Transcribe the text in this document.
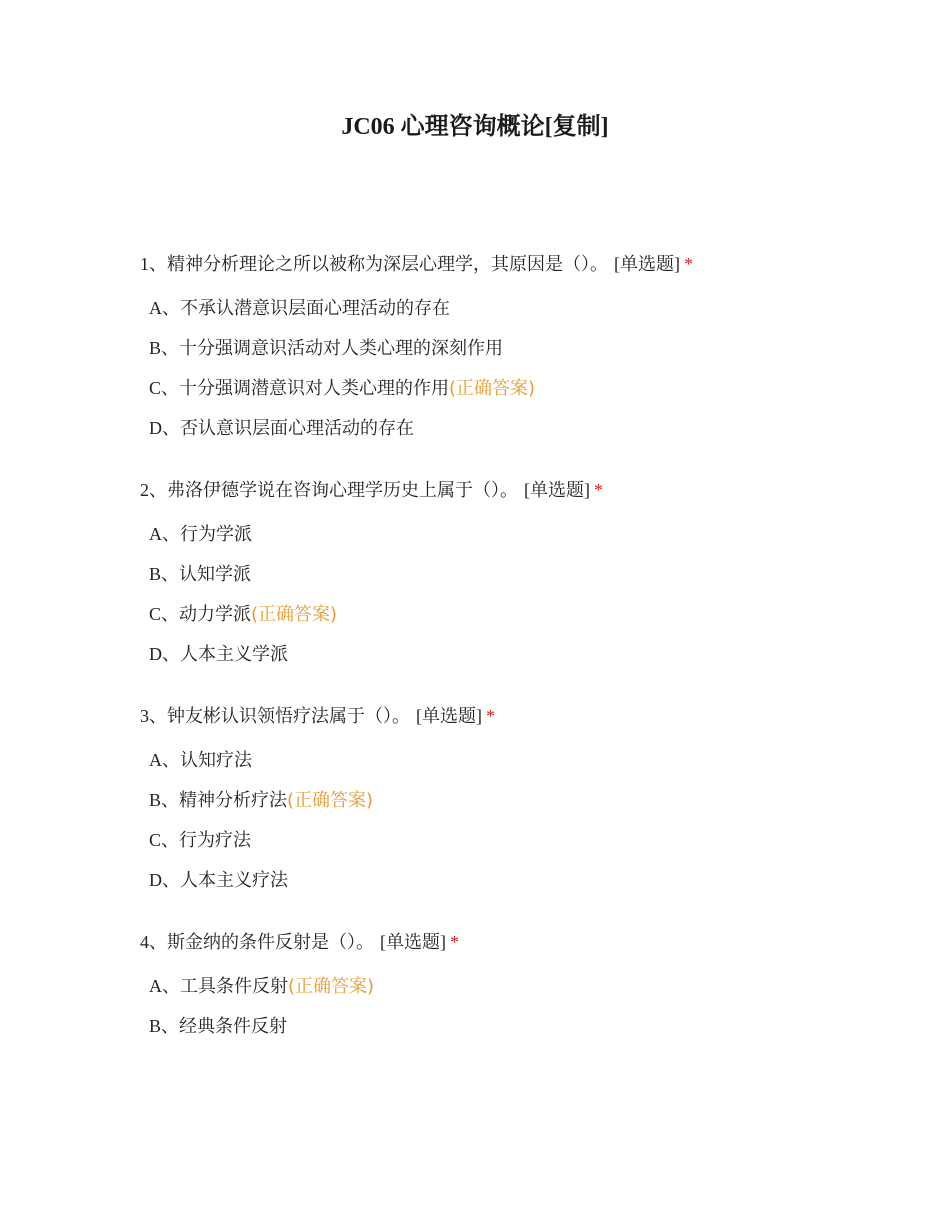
JC06 心理咨询概论[复制]
1、精神分析理论之所以被称为深层心理学，其原因是（）。 [单选题] *
A、不承认潜意识层面心理活动的存在
B、十分强调意识活动对人类心理的深刻作用
C、十分强调潜意识对人类心理的作用(正确答案)
D、否认意识层面心理活动的存在
2、弗洛伊德学说在咨询心理学历史上属于（）。 [单选题] *
A、行为学派
B、认知学派
C、动力学派(正确答案)
D、人本主义学派
3、钟友彬认识领悟疗法属于（）。 [单选题] *
A、认知疗法
B、精神分析疗法(正确答案)
C、行为疗法
D、人本主义疗法
4、斯金纳的条件反射是（）。 [单选题] *
A、工具条件反射(正确答案)
B、经典条件反射
